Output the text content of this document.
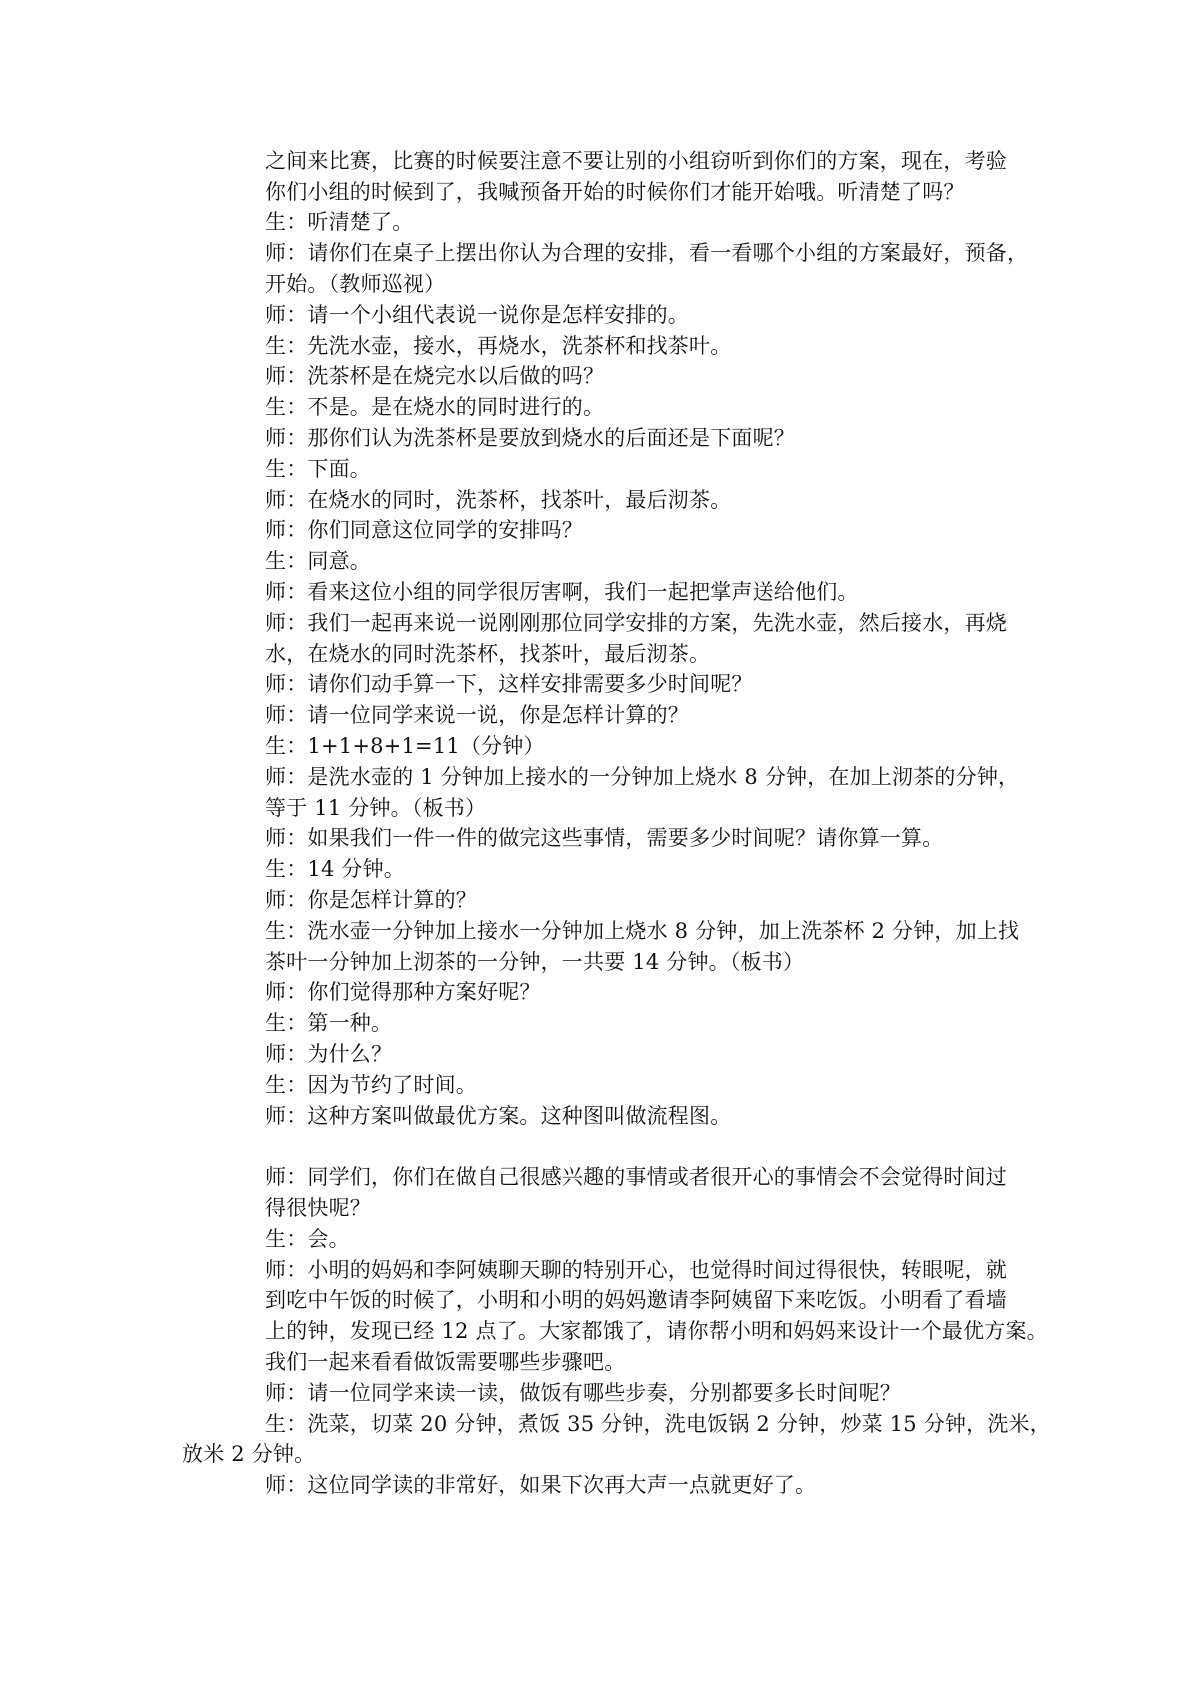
之间来比赛，比赛的时候要注意不要让别的小组窃听到你们的方案，现在，考验
你们小组的时候到了，我喊预备开始的时候你们才能开始哦。听清楚了吗？
生：听清楚了。
师：请你们在桌子上摆出你认为合理的安排，看一看哪个小组的方案最好，预备，
开始。（教师巡视）
师：请一个小组代表说一说你是怎样安排的。
生：先洗水壶，接水，再烧水，洗茶杯和找茶叶。
师：洗茶杯是在烧完水以后做的吗？
生：不是。是在烧水的同时进行的。
师：那你们认为洗茶杯是要放到烧水的后面还是下面呢？
生：下面。
师：在烧水的同时，洗茶杯，找茶叶，最后沏茶。
师：你们同意这位同学的安排吗？
生：同意。
师：看来这位小组的同学很厉害啊，我们一起把掌声送给他们。
师：我们一起再来说一说刚刚那位同学安排的方案，先洗水壶，然后接水，再烧
水，在烧水的同时洗茶杯，找茶叶，最后沏茶。
师：请你们动手算一下，这样安排需要多少时间呢？
师：请一位同学来说一说，你是怎样计算的？
生：1+1+8+1=11（分钟）
师：是洗水壶的 1 分钟加上接水的一分钟加上烧水 8 分钟，在加上沏茶的分钟，
等于 11 分钟。（板书）
师：如果我们一件一件的做完这些事情，需要多少时间呢？请你算一算。
生：14 分钟。
师：你是怎样计算的？
生：洗水壶一分钟加上接水一分钟加上烧水 8 分钟，加上洗茶杯 2 分钟，加上找
茶叶一分钟加上沏茶的一分钟，一共要 14 分钟。（板书）
师：你们觉得那种方案好呢？
生：第一种。
师：为什么？
生：因为节约了时间。
师：这种方案叫做最优方案。这种图叫做流程图。
师：同学们，你们在做自己很感兴趣的事情或者很开心的事情会不会觉得时间过
得很快呢？
生：会。
师：小明的妈妈和李阿姨聊天聊的特别开心，也觉得时间过得很快，转眼呢，就
到吃中午饭的时候了，小明和小明的妈妈邀请李阿姨留下来吃饭。小明看了看墙
上的钟，发现已经 12 点了。大家都饿了，请你帮小明和妈妈来设计一个最优方案。
我们一起来看看做饭需要哪些步骤吧。
师：请一位同学来读一读，做饭有哪些步奏，分别都要多长时间呢？
生：洗菜，切菜 20 分钟，煮饭 35 分钟，洗电饭锅 2 分钟，炒菜 15 分钟，洗米，
放米 2 分钟。
师：这位同学读的非常好，如果下次再大声一点就更好了。
